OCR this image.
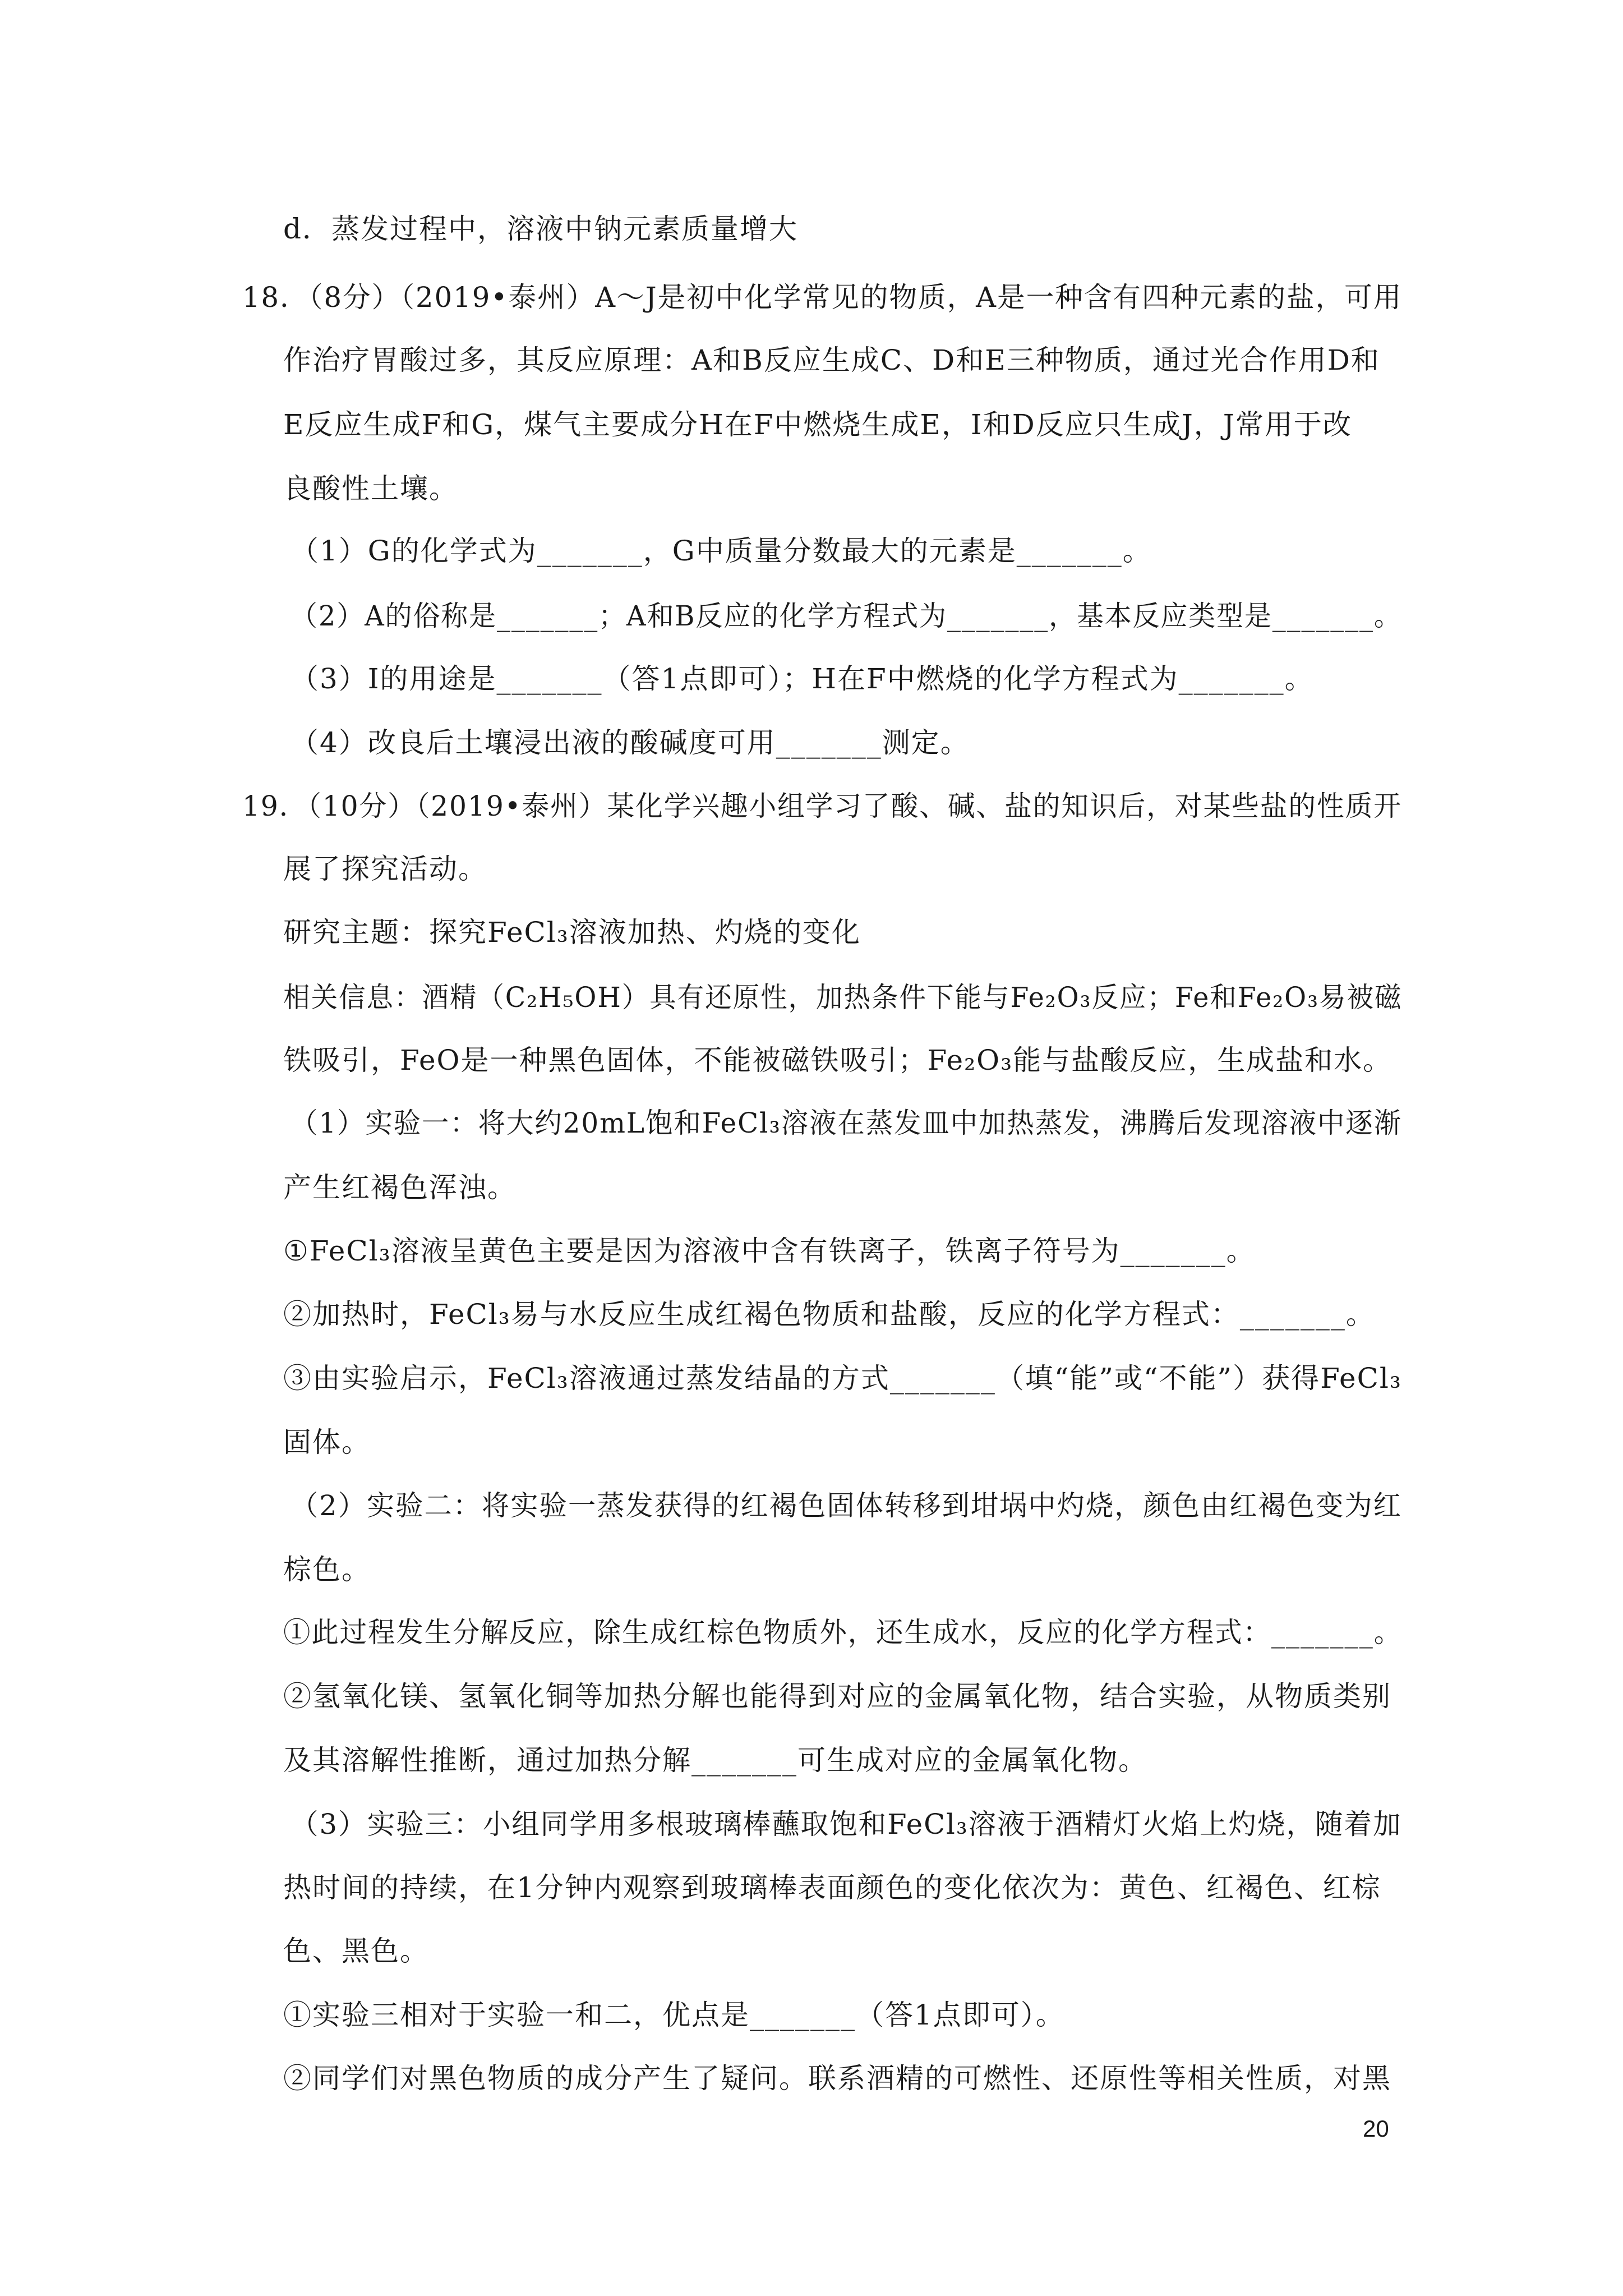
d．蒸发过程中，溶液中钠元素质量增大
18．（8分）（2019•泰州）A～J是初中化学常见的物质，A是一种含有四种元素的盐，可用
作治疗胃酸过多，其反应原理：A和B反应生成C、D和E三种物质，通过光合作用D和
E反应生成F和G，煤气主要成分H在F中燃烧生成E，I和D反应只生成J，J常用于改
良酸性土壤。
（1）G的化学式为_______，G中质量分数最大的元素是_______。
（2）A的俗称是_______；A和B反应的化学方程式为_______，基本反应类型是_______。
（3）I的用途是_______（答1点即可）；H在F中燃烧的化学方程式为_______。
（4）改良后土壤浸出液的酸碱度可用_______测定。
19．（10分）（2019•泰州）某化学兴趣小组学习了酸、碱、盐的知识后，对某些盐的性质开
展了探究活动。
研究主题：探究FeCl₃溶液加热、灼烧的变化
相关信息：酒精（C₂H₅OH）具有还原性，加热条件下能与Fe₂O₃反应；Fe和Fe₂O₃易被磁
铁吸引，FeO是一种黑色固体，不能被磁铁吸引；Fe₂O₃能与盐酸反应，生成盐和水。
（1）实验一：将大约20mL饱和FeCl₃溶液在蒸发皿中加热蒸发，沸腾后发现溶液中逐渐
产生红褐色浑浊。
①FeCl₃溶液呈黄色主要是因为溶液中含有铁离子，铁离子符号为_______。
②加热时，FeCl₃易与水反应生成红褐色物质和盐酸，反应的化学方程式：_______。
③由实验启示，FeCl₃溶液通过蒸发结晶的方式_______（填“能”或“不能”）获得FeCl₃
固体。
（2）实验二：将实验一蒸发获得的红褐色固体转移到坩埚中灼烧，颜色由红褐色变为红
棕色。
①此过程发生分解反应，除生成红棕色物质外，还生成水，反应的化学方程式：_______。
②氢氧化镁、氢氧化铜等加热分解也能得到对应的金属氧化物，结合实验，从物质类别
及其溶解性推断，通过加热分解_______可生成对应的金属氧化物。
（3）实验三：小组同学用多根玻璃棒蘸取饱和FeCl₃溶液于酒精灯火焰上灼烧，随着加
热时间的持续，在1分钟内观察到玻璃棒表面颜色的变化依次为：黄色、红褐色、红棕
色、黑色。
①实验三相对于实验一和二，优点是_______（答1点即可）。
②同学们对黑色物质的成分产生了疑问。联系酒精的可燃性、还原性等相关性质，对黑
20
